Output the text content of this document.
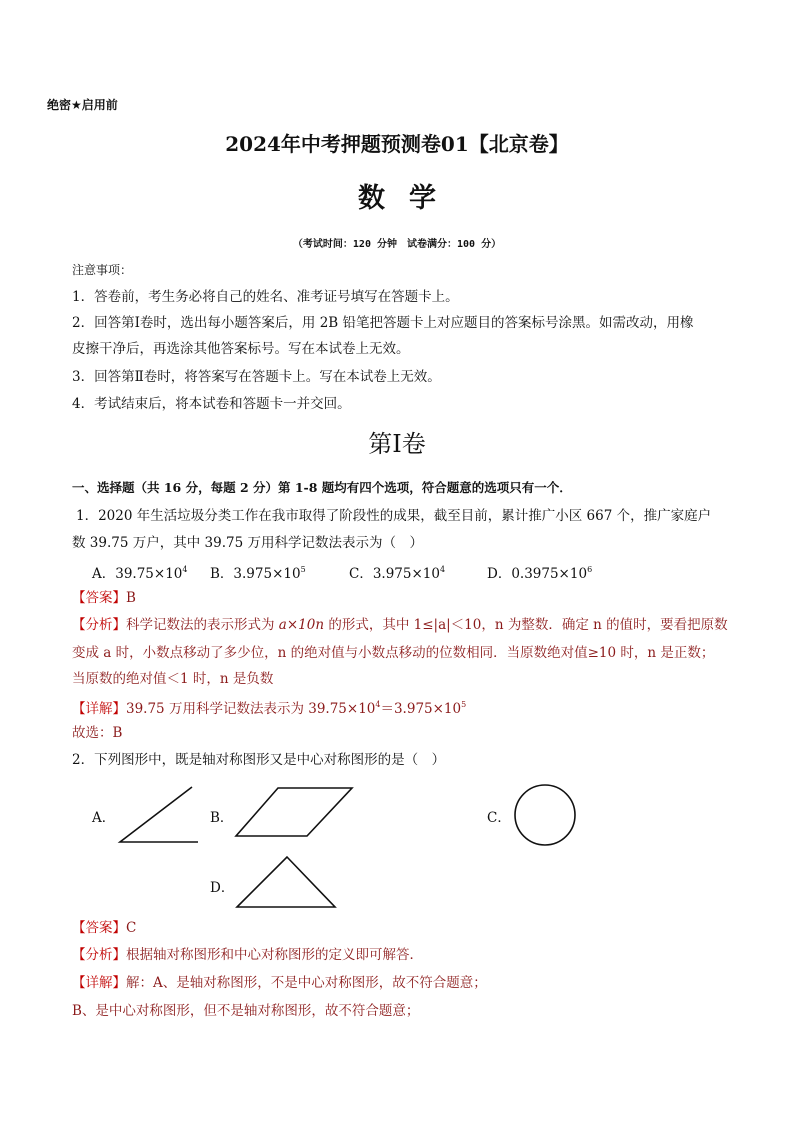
绝密★启用前
2024年中考押题预测卷01【北京卷】
数学
（考试时间：120 分钟　试卷满分：100 分）
注意事项：
1．答卷前，考生务必将自己的姓名、准考证号填写在答题卡上。
2．回答第Ⅰ卷时，选出每小题答案后，用 2B 铅笔把答题卡上对应题目的答案标号涂黑。如需改动，用橡
皮擦干净后，再选涂其他答案标号。写在本试卷上无效。
3．回答第Ⅱ卷时，将答案写在答题卡上。写在本试卷上无效。
4．考试结束后，将本试卷和答题卡一并交回。
第Ⅰ卷
一、选择题（共 16 分，每题 2 分）第 1-8 题均有四个选项，符合题意的选项只有一个．
1．2020 年生活垃圾分类工作在我市取得了阶段性的成果，截至目前，累计推广小区 667 个，推广家庭户
数 39.75 万户，其中 39.75 万用科学记数法表示为（　）
A．$39.75\times 10^4$ B．$3.975\times 10^5$	C．$3.975\times 10^4$	D．$0.3975\times 10^6$
【答案】B
【分析】科学记数法的表示形式为 a×10n 的形式，其中 1≤|a|＜10，n 为整数．确定 n 的值时，要看把原数
变成 a 时，小数点移动了多少位，n 的绝对值与小数点移动的位数相同．当原数绝对值≥10 时，n 是正数；
当原数的绝对值＜1 时，n 是负数
【详解】39.75 万用科学记数法表示为 $39.75\times 10^4=3.975\times 10^5$
故选：B
2．下列图形中，既是轴对称图形又是中心对称图形的是（　）
A．	B．	C．
D．
【答案】C
【分析】根据轴对称图形和中心对称图形的定义即可解答．
【详解】解：A、是轴对称图形，不是中心对称图形，故不符合题意；
B、是中心对称图形，但不是轴对称图形，故不符合题意；
